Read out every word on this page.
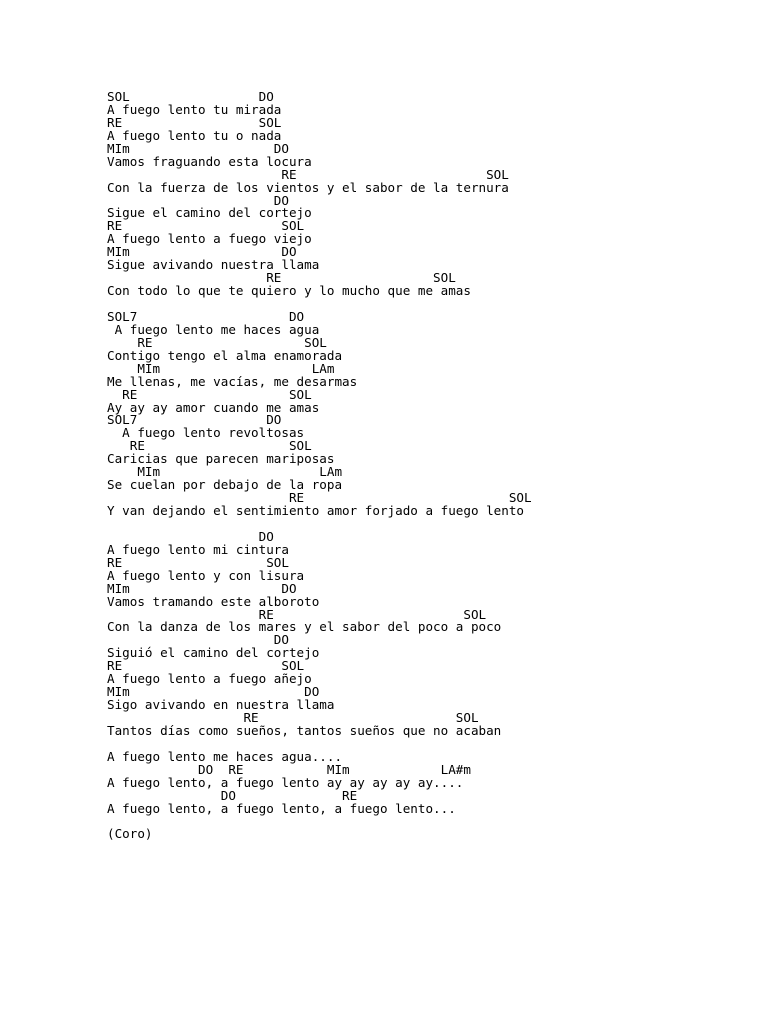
SOL                 DO
A fuego lento tu mirada
RE                  SOL
A fuego lento tu o nada
MIm                   DO
Vamos fraguando esta locura
RE                         SOL
Con la fuerza de los vientos y el sabor de la ternura
DO
Sigue el camino del cortejo
RE                     SOL
A fuego lento a fuego viejo
MIm                    DO
Sigue avivando nuestra llama
RE                    SOL
Con todo lo que te quiero y lo mucho que me amas
SOL7                    DO
A fuego lento me haces agua
RE                    SOL
Contigo tengo el alma enamorada
MIm                    LAm
Me llenas, me vacías, me desarmas
RE                    SOL
Ay ay ay amor cuando me amas
SOL7                 DO
A fuego lento revoltosas
RE                   SOL
Caricias que parecen mariposas
MIm                     LAm
Se cuelan por debajo de la ropa
RE                           SOL
Y van dejando el sentimiento amor forjado a fuego lento
DO
A fuego lento mi cintura
RE                   SOL
A fuego lento y con lisura
MIm                    DO
Vamos tramando este alboroto
RE                         SOL
Con la danza de los mares y el sabor del poco a poco
DO
Siguió el camino del cortejo
RE                     SOL
A fuego lento a fuego añejo
MIm                       DO
Sigo avivando en nuestra llama
RE                          SOL
Tantos días como sueños, tantos sueños que no acaban
A fuego lento me haces agua....
DO  RE           MIm            LA#m
A fuego lento, a fuego lento ay ay ay ay ay....
DO              RE
A fuego lento, a fuego lento, a fuego lento...
(Coro)
